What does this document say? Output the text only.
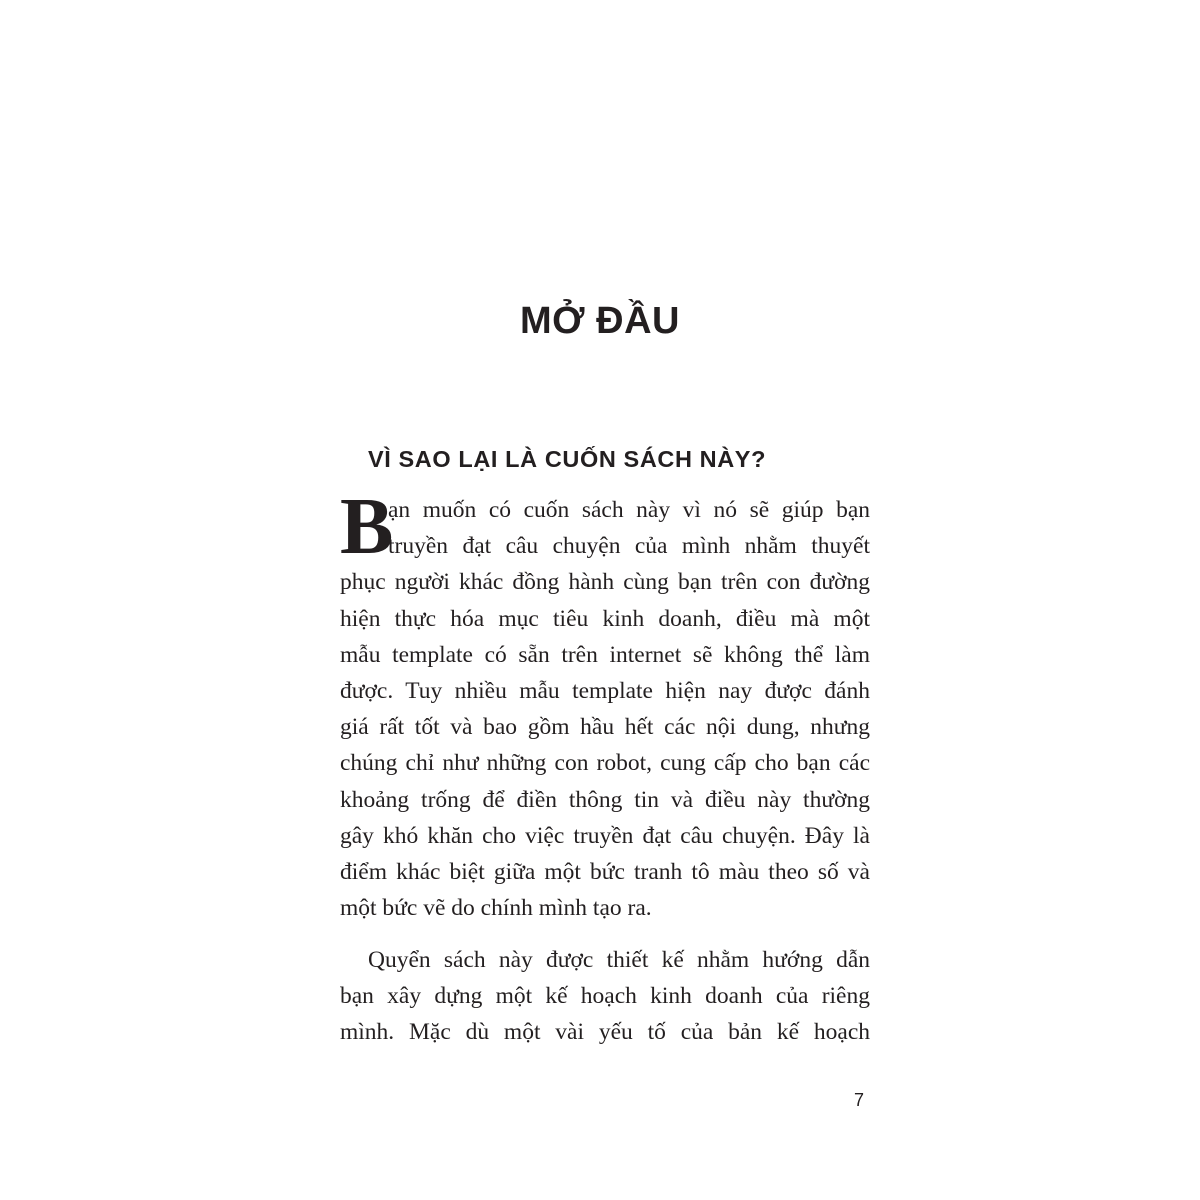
MỞ ĐẦU
VÌ SAO LẠI LÀ CUỐN SÁCH NÀY?
B
ạn muốn có cuốn sách này vì nó sẽ giúp bạn
truyền đạt câu chuyện của mình nhằm thuyết
phục người khác đồng hành cùng bạn trên con đường
hiện thực hóa mục tiêu kinh doanh, điều mà một
mẫu template có sẵn trên internet sẽ không thể làm
được. Tuy nhiều mẫu template hiện nay được đánh
giá rất tốt và bao gồm hầu hết các nội dung, nhưng
chúng chỉ như những con robot, cung cấp cho bạn các
khoảng trống để điền thông tin và điều này thường
gây khó khăn cho việc truyền đạt câu chuyện. Đây là
điểm khác biệt giữa một bức tranh tô màu theo số và
một bức vẽ do chính mình tạo ra.
Quyển sách này được thiết kế nhằm hướng dẫn
bạn xây dựng một kế hoạch kinh doanh của riêng
mình. Mặc dù một vài yếu tố của bản kế hoạch
7
